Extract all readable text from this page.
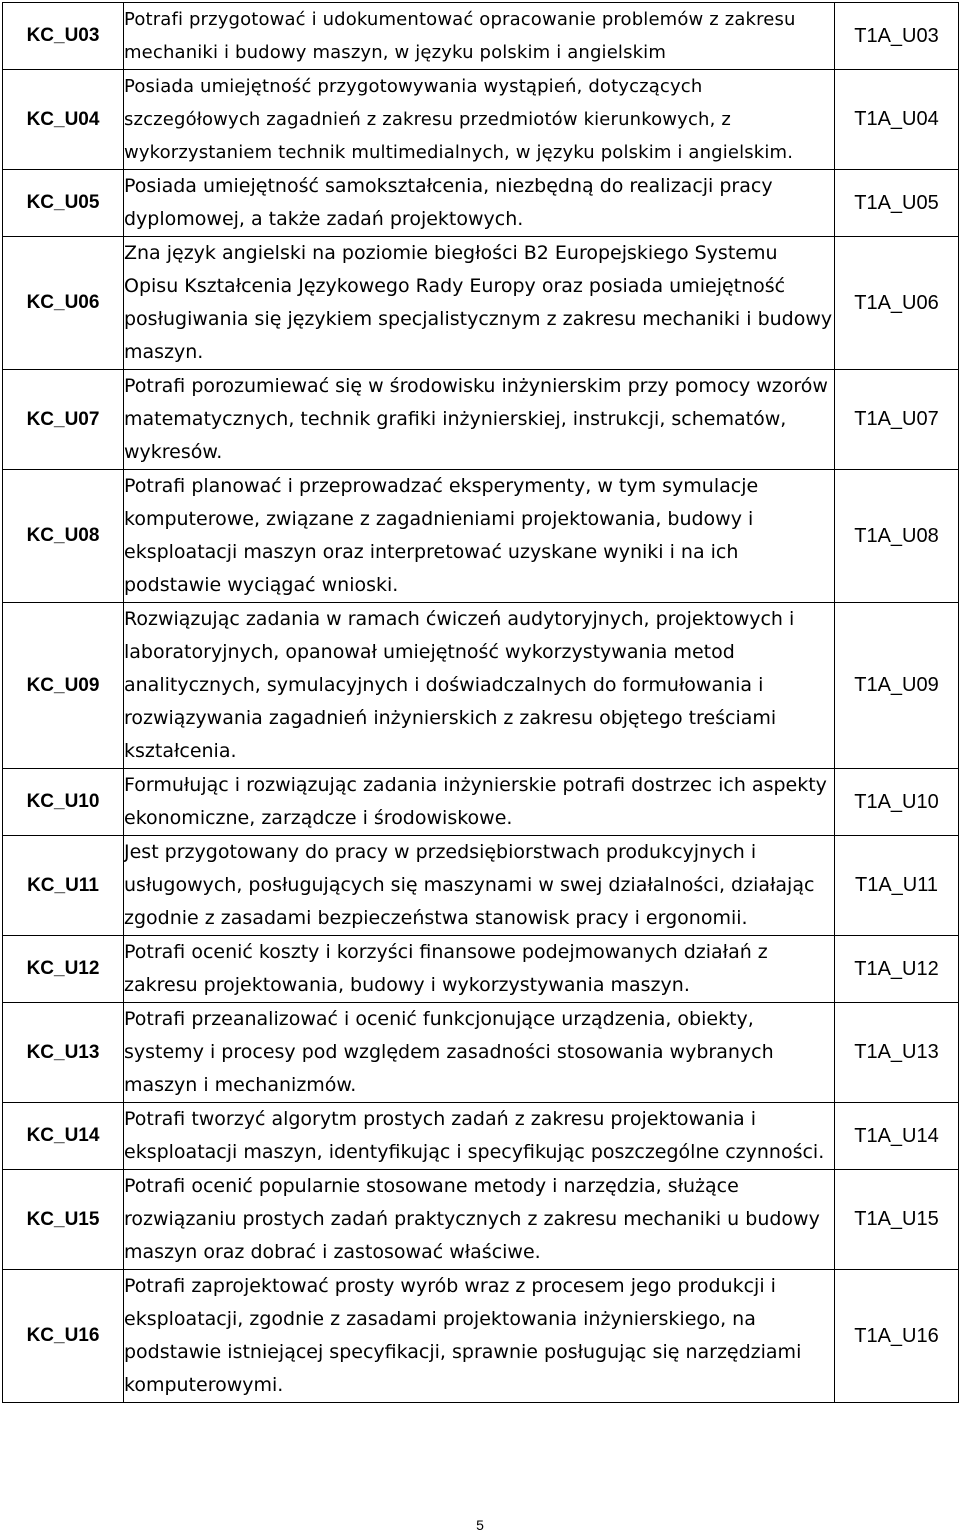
KC_U03	Potrafi przygotować i udokumentować opracowanie problemów z zakresu mechaniki i budowy maszyn, w języku polskim i angielskim	T1A_U03
KC_U04	Posiada umiejętność przygotowywania wystąpień, dotyczących szczegółowych zagadnień z zakresu przedmiotów kierunkowych, z wykorzystaniem technik multimedialnych, w języku polskim i angielskim.	T1A_U04
KC_U05	Posiada umiejętność samokształcenia, niezbędną do realizacji pracy dyplomowej, a także zadań projektowych.	T1A_U05
KC_U06	Zna język angielski na poziomie biegłości B2 Europejskiego Systemu Opisu Kształcenia Językowego Rady Europy oraz posiada umiejętność posługiwania się językiem specjalistycznym z zakresu mechaniki i budowy maszyn.	T1A_U06
KC_U07	Potrafi porozumiewać się w środowisku inżynierskim przy pomocy wzorów matematycznych, technik grafiki inżynierskiej, instrukcji, schematów, wykresów.	T1A_U07
KC_U08	Potrafi planować i przeprowadzać eksperymenty, w tym symulacje komputerowe, związane z zagadnieniami projektowania, budowy i eksploatacji maszyn oraz interpretować uzyskane wyniki i na ich podstawie wyciągać wnioski.	T1A_U08
KC_U09	Rozwiązując zadania w ramach ćwiczeń audytoryjnych, projektowych i laboratoryjnych, opanował umiejętność wykorzystywania metod analitycznych, symulacyjnych i doświadczalnych do formułowania i rozwiązywania zagadnień inżynierskich z zakresu objętego treściami kształcenia.	T1A_U09
KC_U10	Formułując i rozwiązując zadania inżynierskie potrafi dostrzec ich aspekty ekonomiczne, zarządcze i środowiskowe.	T1A_U10
KC_U11	Jest przygotowany do pracy w przedsiębiorstwach produkcyjnych i usługowych, posługujących się maszynami w swej działalności, działając zgodnie z zasadami bezpieczeństwa stanowisk pracy i ergonomii.	T1A_U11
KC_U12	Potrafi ocenić koszty i korzyści finansowe podejmowanych działań z zakresu projektowania, budowy i wykorzystywania maszyn.	T1A_U12
KC_U13	Potrafi przeanalizować i ocenić funkcjonujące urządzenia, obiekty, systemy i procesy pod względem zasadności stosowania wybranych maszyn i mechanizmów.	T1A_U13
KC_U14	Potrafi tworzyć algorytm prostych zadań z zakresu projektowania i eksploatacji maszyn, identyfikując i specyfikując poszczególne czynności.	T1A_U14
KC_U15	Potrafi ocenić popularnie stosowane metody i narzędzia, służące rozwiązaniu prostych zadań praktycznych z zakresu mechaniki u budowy maszyn oraz dobrać i zastosować właściwe.	T1A_U15
KC_U16	Potrafi zaprojektować prosty wyrób wraz z procesem jego produkcji i eksploatacji, zgodnie z zasadami projektowania inżynierskiego, na podstawie istniejącej specyfikacji, sprawnie posługując się narzędziami komputerowymi.	T1A_U16
5
